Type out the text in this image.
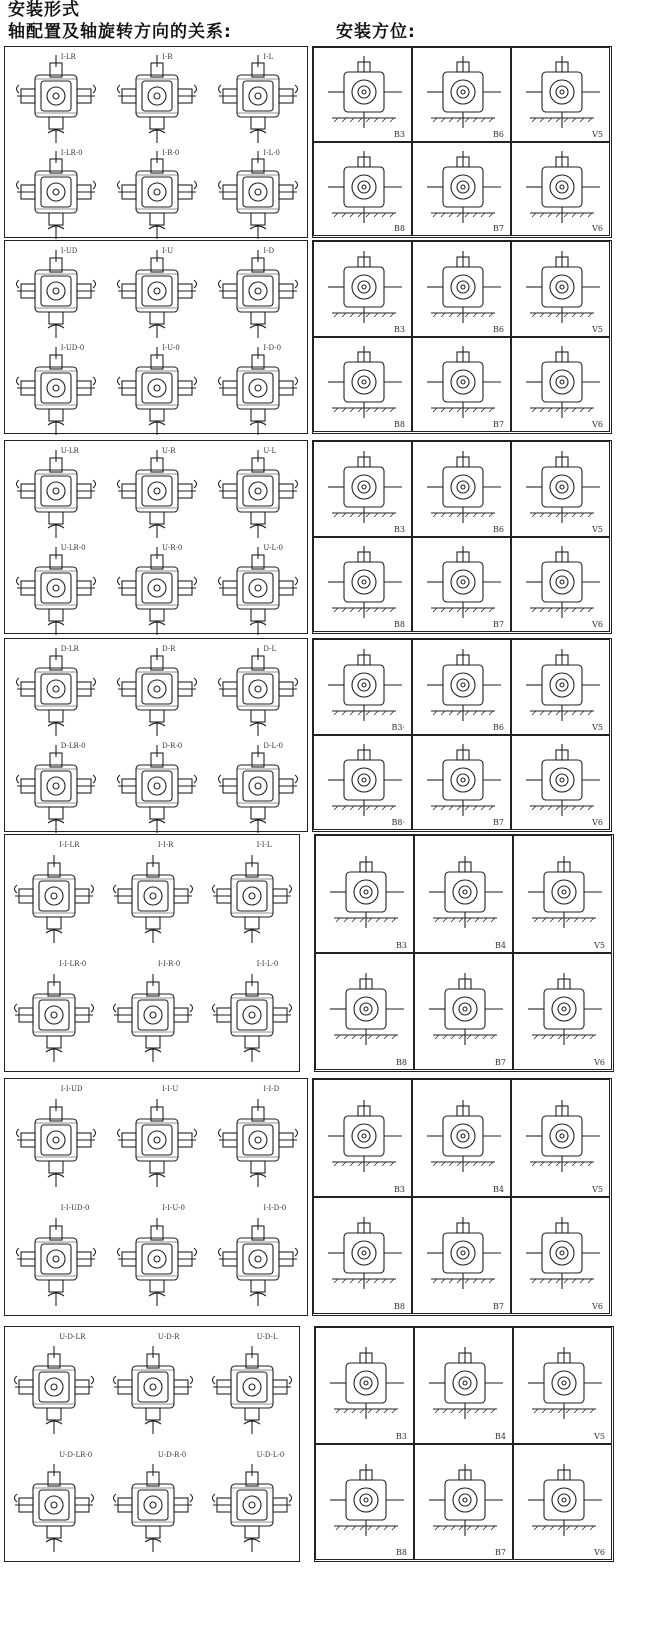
安装形式
轴配置及轴旋转方向的关系:	安装方位:
I-LR	I-R	I-L
I-LR-0	I-R-0	I-L-0
B3	B6	V5
B8	B7	V6
I-UD	I-U	I-D
I-UD-0	I-U-0	I-D-0
B3	B6	V5
B8	B7	V6
U-LR	U-R	U-L
U-LR-0	U-R-0	U-L-0
B3	B6	V5
B8	B7	V6
D-LR	D-R	D-L
D-LR-0	D-R-0	D-L-0
B3·	B6	V5
B8·	B7	V6
I-I-LR	I-I-R	I-I-L
I-I-LR-0	I-I-R-0	I-I-L-0
B3	B4	V5
B8	B7	V6
I-I-UD	I-I-U	I-I-D
I-I-UD-0	I-I-U-0	I-I-D-0
B3	B4	V5
B8	B7	V6
U-D-LR	U-D-R	U-D-L
U-D-LR-0	U-D-R-0	U-D-L-0
B3	B4	V5
B8	B7	V6
